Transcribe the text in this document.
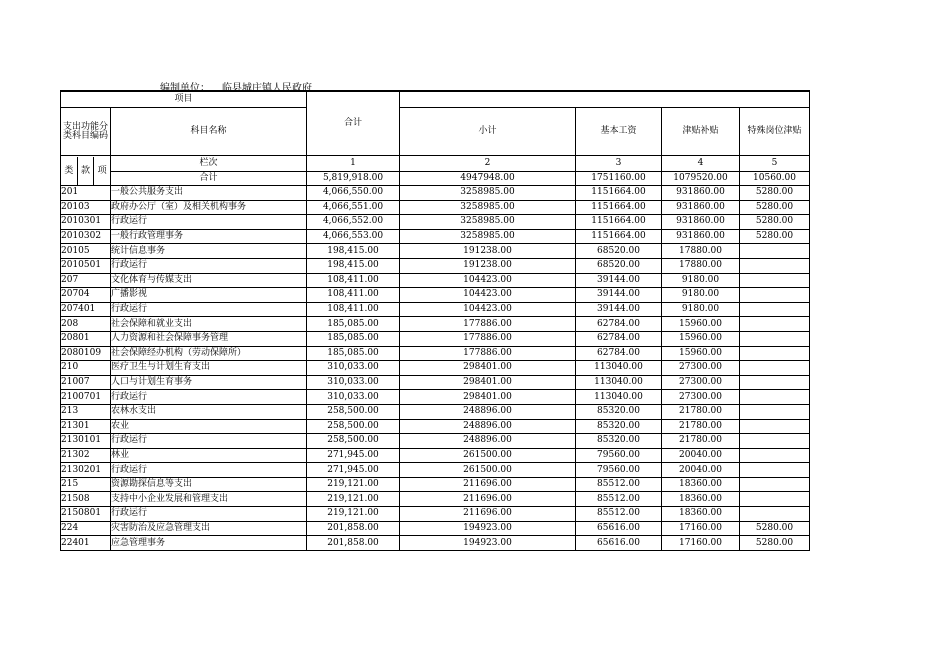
编制单位： 临县城庄镇人民政府
项目		合计				
支出功能分类科目编码	科目名称		小计	基本工资	津贴补贴	特殊岗位津贴

类 款 项	栏次	1	2	3	4	5
	合计	5,819,918.00	4947948.00	1751160.00	1079520.00	10560.00
201	一般公共服务支出	4,066,550.00	3258985.00	1151664.00	931860.00	5280.00
20103	政府办公厅（室）及相关机构事务	4,066,551.00	3258985.00	1151664.00	931860.00	5280.00
2010301	行政运行	4,066,552.00	3258985.00	1151664.00	931860.00	5280.00
2010302	一般行政管理事务	4,066,553.00	3258985.00	1151664.00	931860.00	5280.00
20105	统计信息事务	198,415.00	191238.00	68520.00	17880.00	
2010501	行政运行	198,415.00	191238.00	68520.00	17880.00	
207	文化体育与传媒支出	108,411.00	104423.00	39144.00	9180.00	
20704	广播影视	108,411.00	104423.00	39144.00	9180.00	
207401	行政运行	108,411.00	104423.00	39144.00	9180.00	
208	社会保障和就业支出	185,085.00	177886.00	62784.00	15960.00	
20801	人力资源和社会保障事务管理	185,085.00	177886.00	62784.00	15960.00	
2080109	社会保障经办机构（劳动保障所）	185,085.00	177886.00	62784.00	15960.00	
210	医疗卫生与计划生育支出	310,033.00	298401.00	113040.00	27300.00	
21007	人口与计划生育事务	310,033.00	298401.00	113040.00	27300.00	
2100701	行政运行	310,033.00	298401.00	113040.00	27300.00	
213	农林水支出	258,500.00	248896.00	85320.00	21780.00	
21301	农业	258,500.00	248896.00	85320.00	21780.00	
2130101	行政运行	258,500.00	248896.00	85320.00	21780.00	
21302	林业	271,945.00	261500.00	79560.00	20040.00	
2130201	行政运行	271,945.00	261500.00	79560.00	20040.00	
215	资源勘探信息等支出	219,121.00	211696.00	85512.00	18360.00	
21508	支持中小企业发展和管理支出	219,121.00	211696.00	85512.00	18360.00	
2150801	行政运行	219,121.00	211696.00	85512.00	18360.00	
224	灾害防治及应急管理支出	201,858.00	194923.00	65616.00	17160.00	5280.00
22401	应急管理事务	201,858.00	194923.00	65616.00	17160.00	5280.00
